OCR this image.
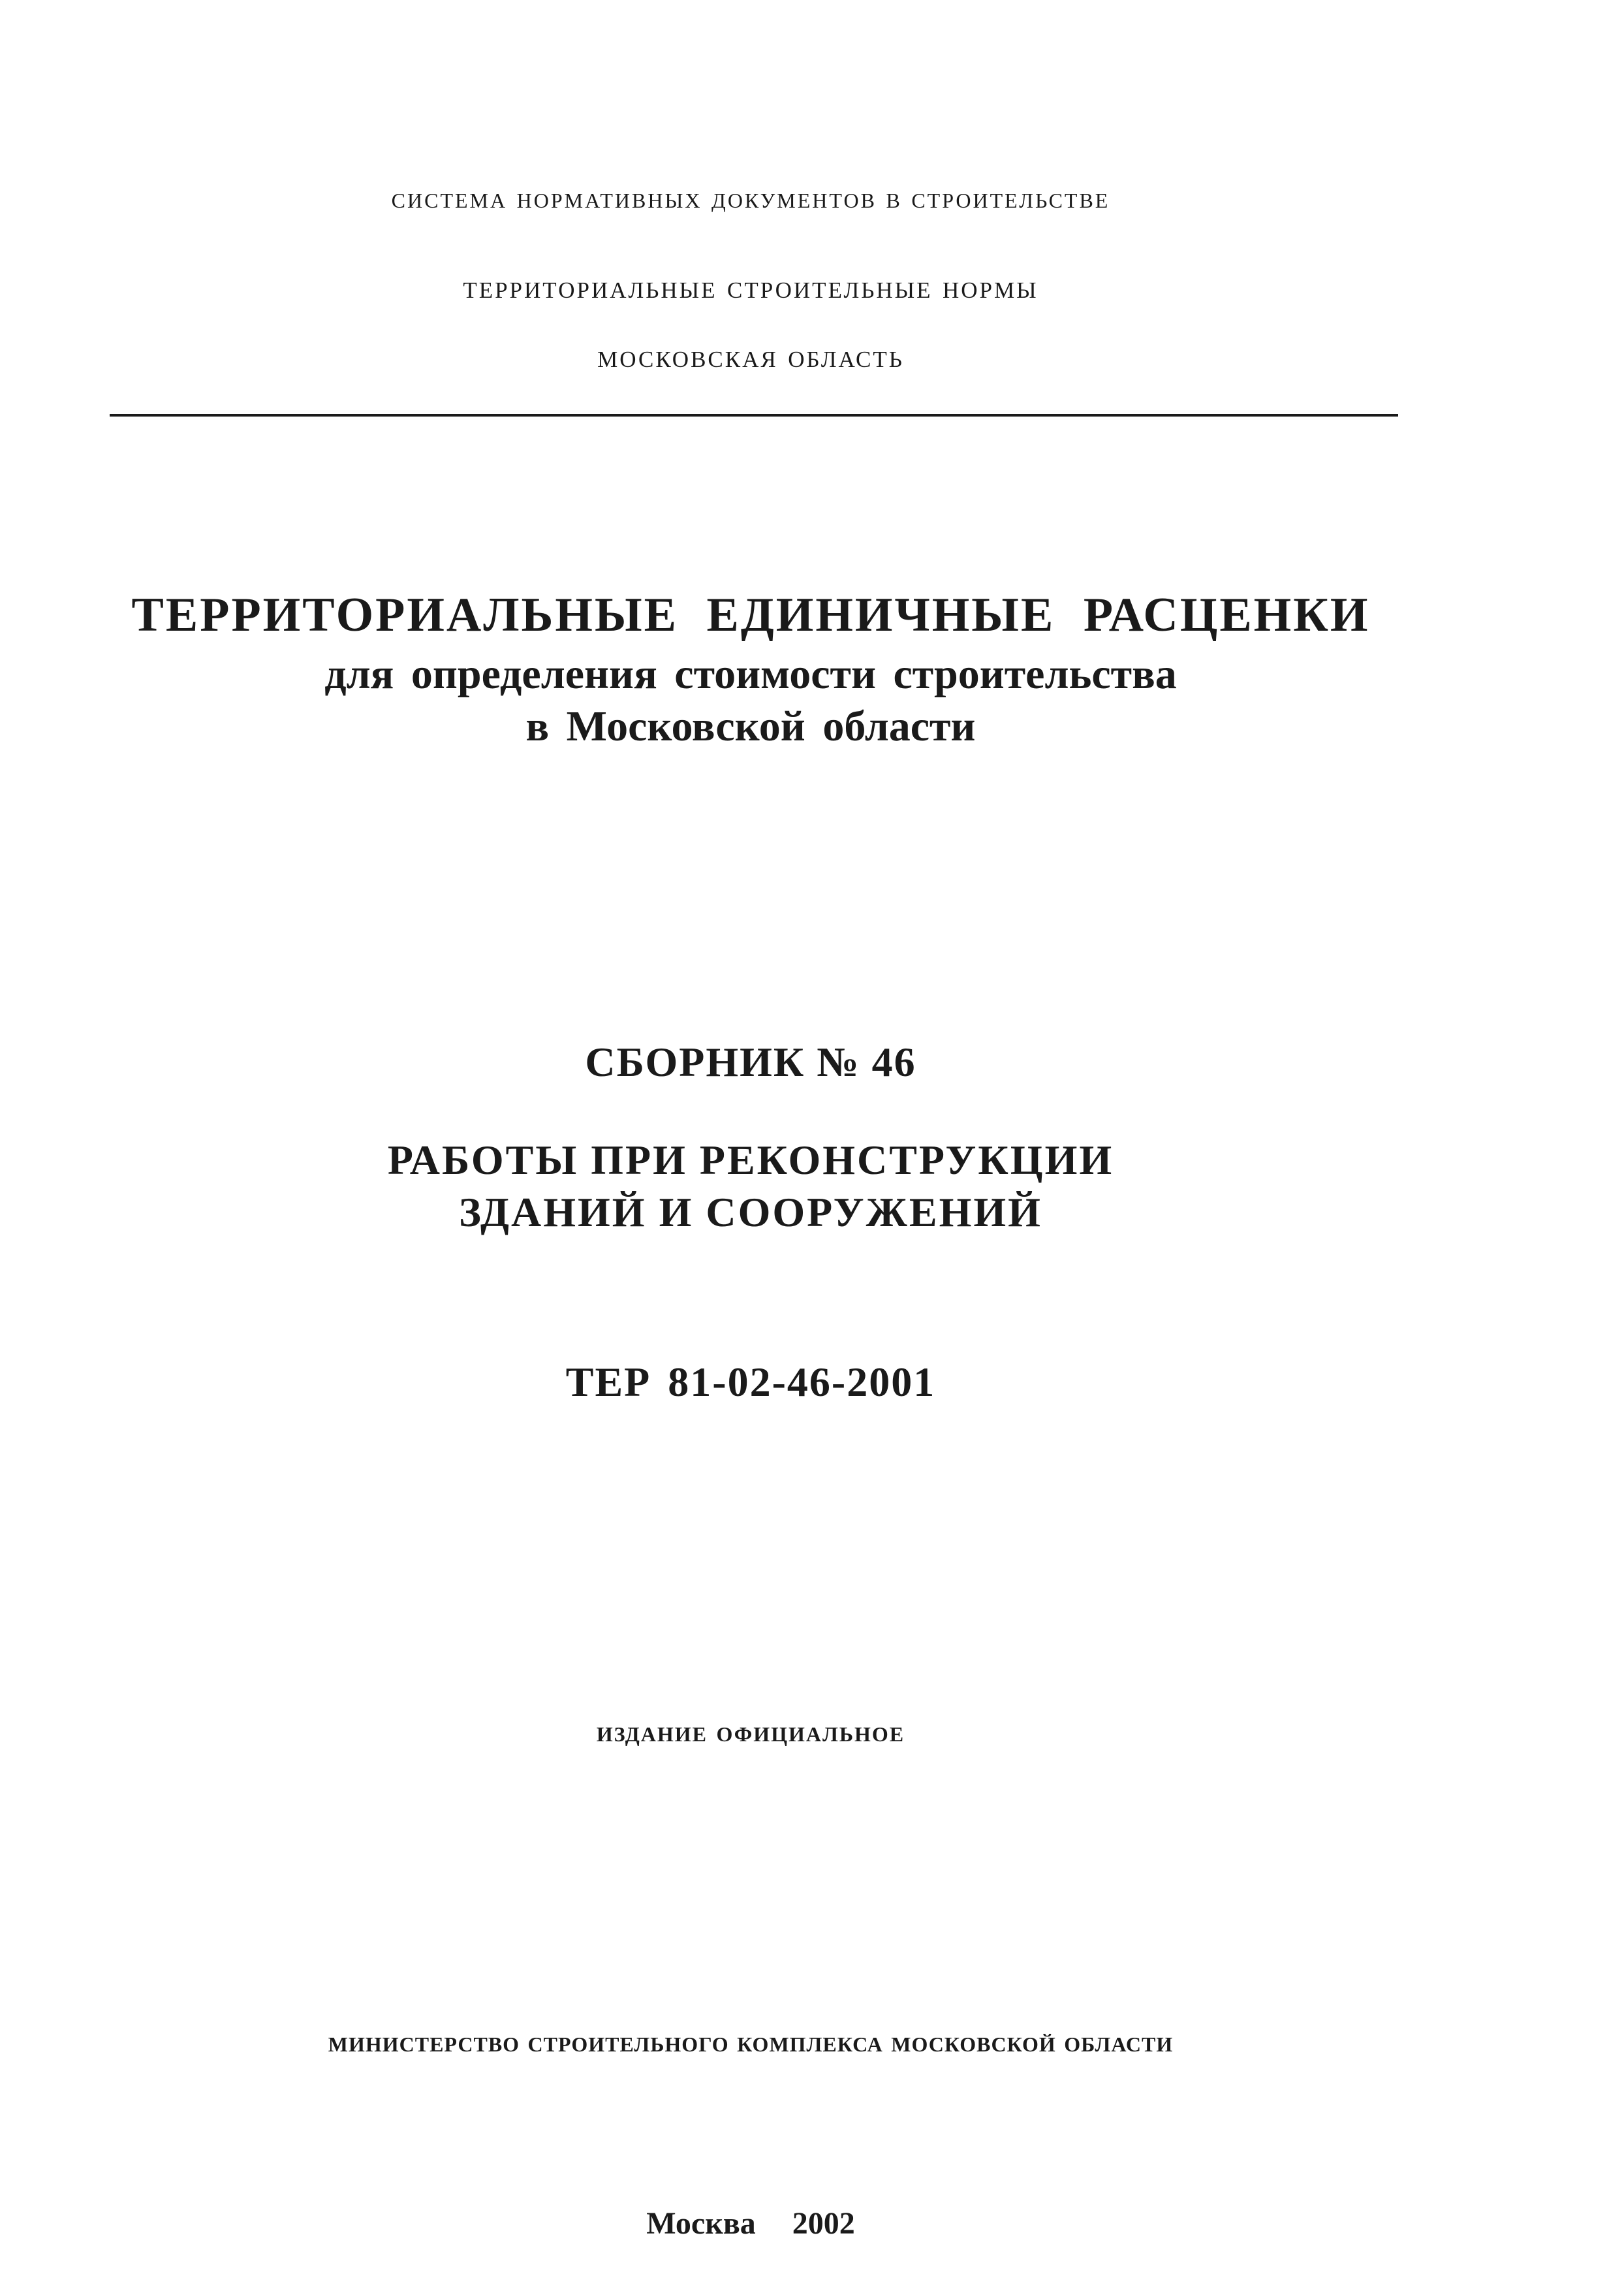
система нормативных документов в строительстве
территориальные строительные нормы
московская область
ТЕРРИТОРИАЛЬНЫЕ ЕДИНИЧНЫЕ РАСЦЕНКИ
для определения стоимости строительства
в Московской области
СБОРНИК № 46
РАБОТЫ ПРИ РЕКОНСТРУКЦИИ
ЗДАНИЙ И СООРУЖЕНИЙ
ТЕР 81-02-46-2001
издание официальное
министерство строительного комплекса московской области
Москва  2002
